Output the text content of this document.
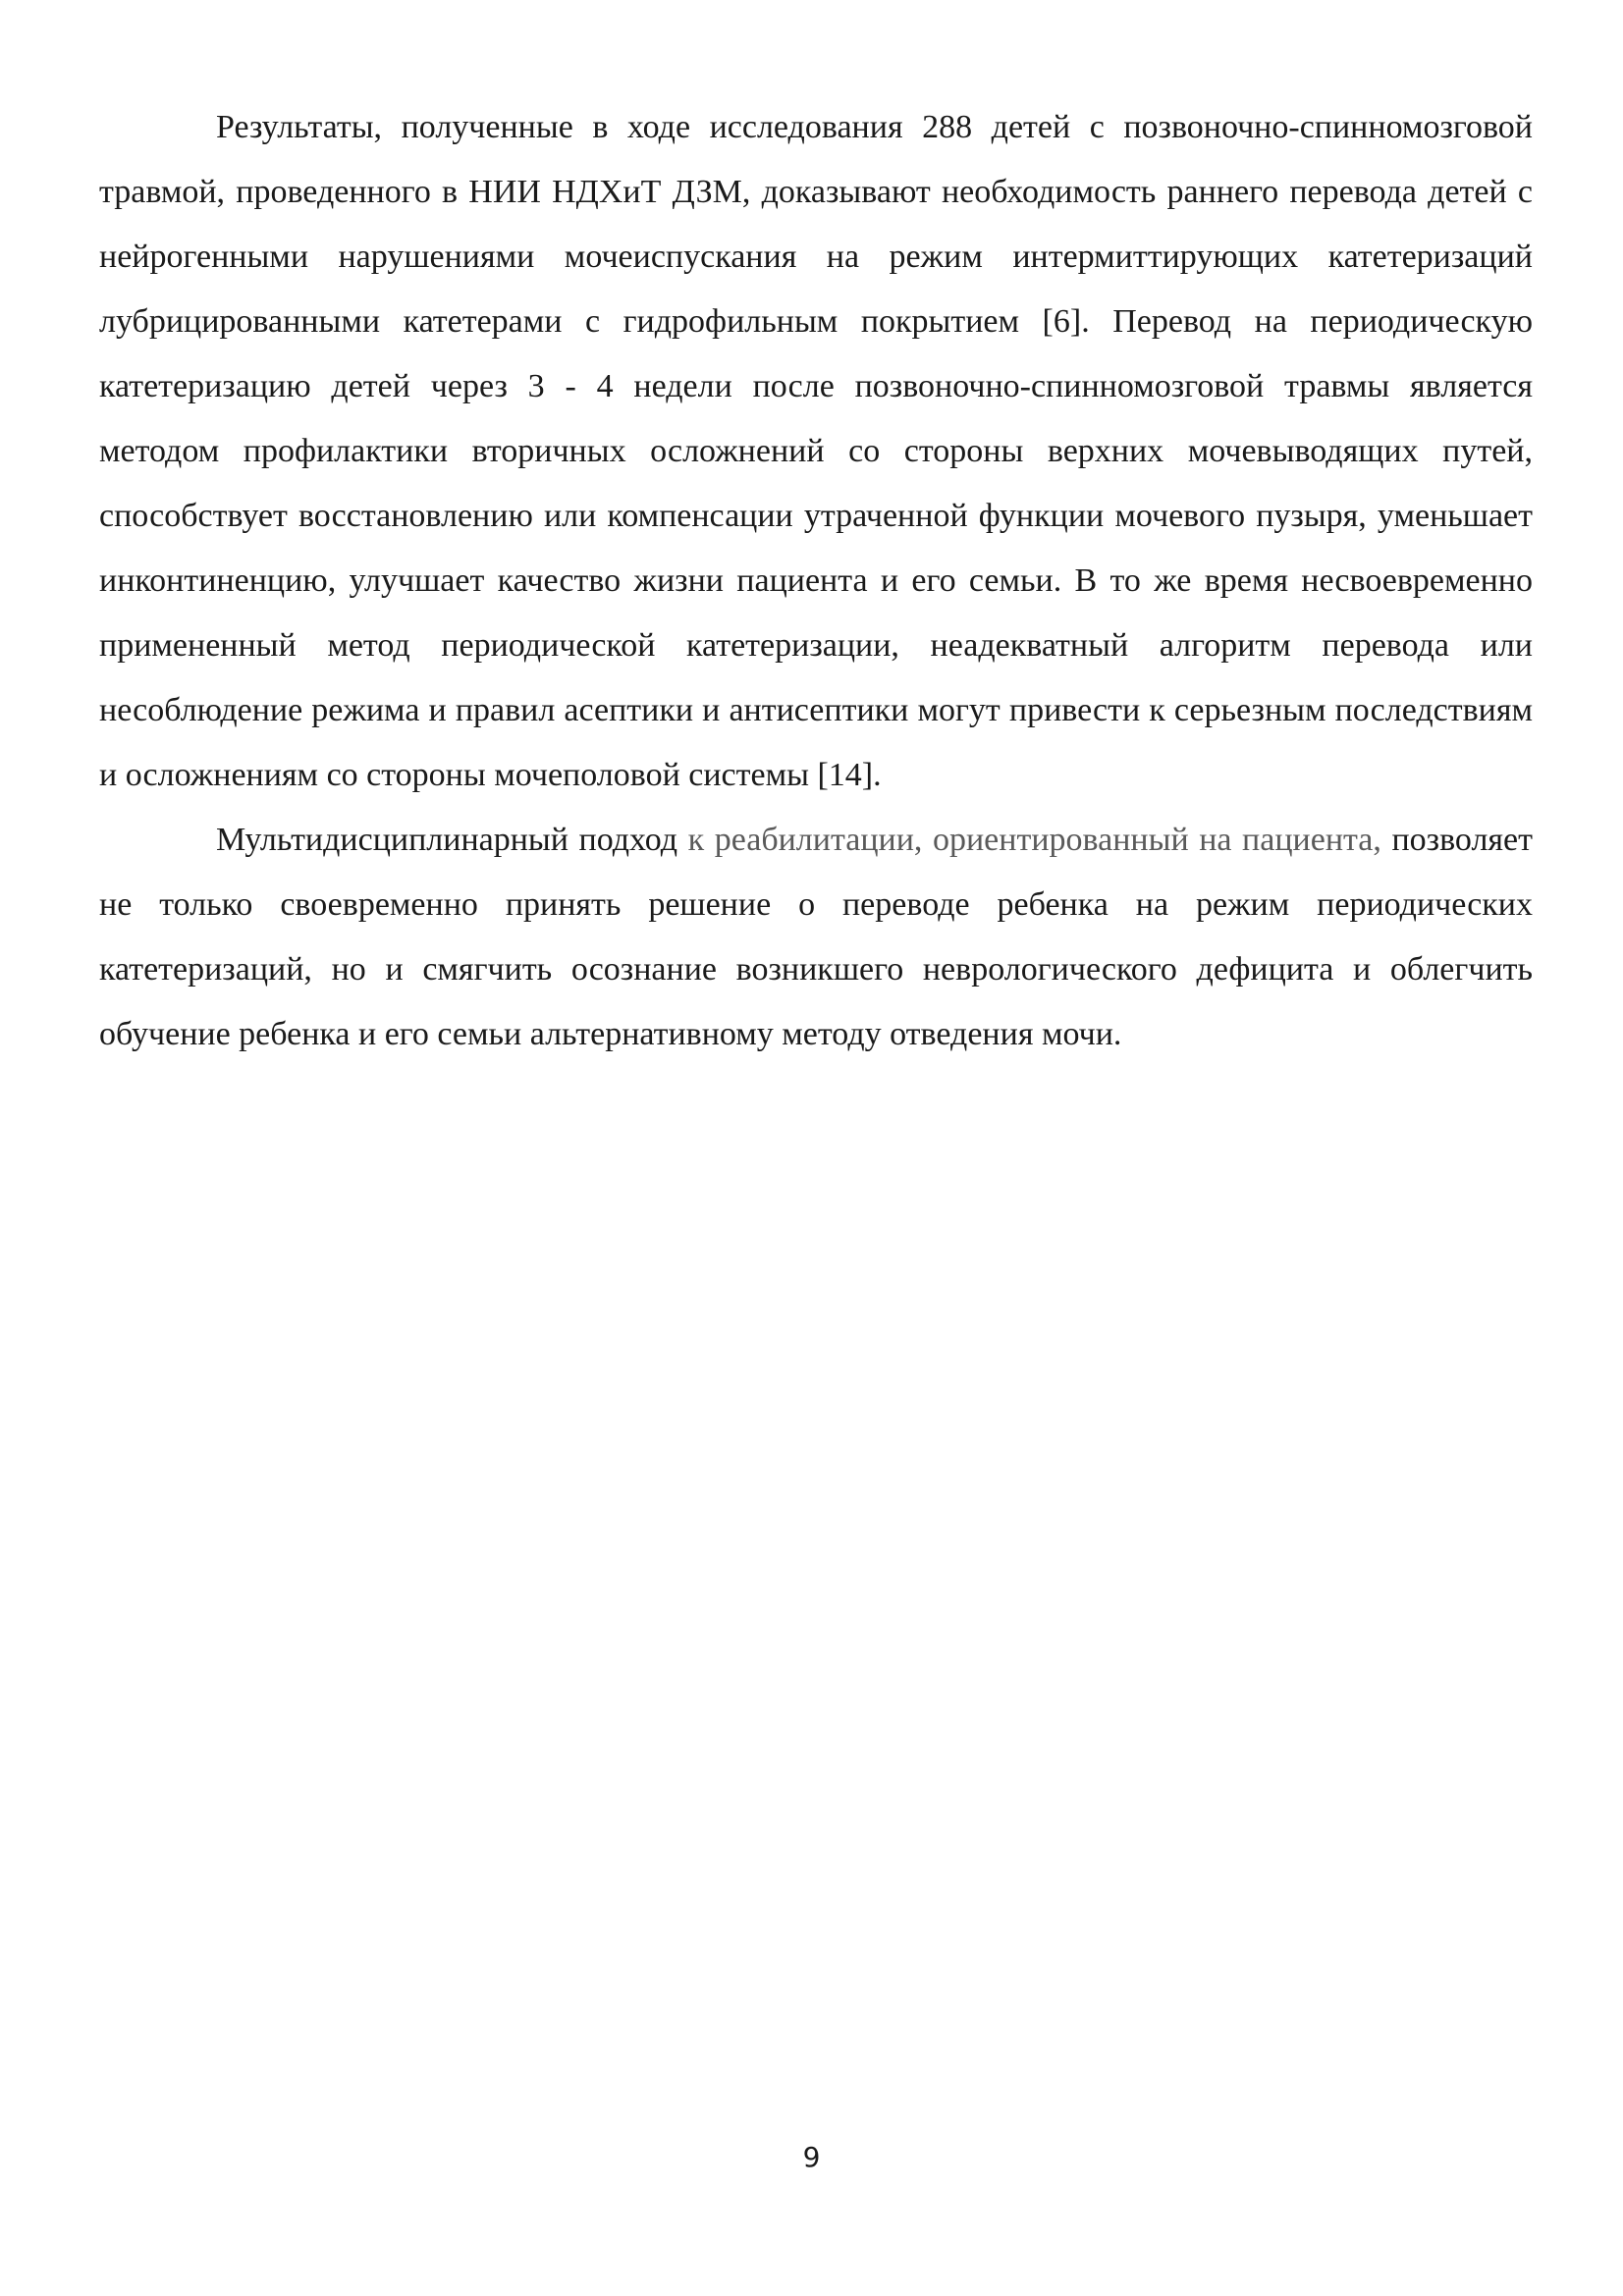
Результаты, полученные в ходе исследования 288 детей с позвоночно-спинномозговой травмой, проведенного в НИИ НДХиТ ДЗМ, доказывают необходимость раннего перевода детей с нейрогенными нарушениями мочеиспускания на режим интермиттирующих катетеризаций лубрицированными катетерами с гидрофильным покрытием [6]. Перевод на периодическую катетеризацию детей через 3 - 4 недели после позвоночно-спинномозговой травмы является методом профилактики вторичных осложнений со стороны верхних мочевыводящих путей, способствует восстановлению или компенсации утраченной функции мочевого пузыря, уменьшает инконтиненцию, улучшает качество жизни пациента и его семьи. В то же время несвоевременно примененный метод периодической катетеризации, неадекватный алгоритм перевода или несоблюдение режима и правил асептики и антисептики могут привести к серьезным последствиям и осложнениям со стороны мочеполовой системы [14].

Мультидисциплинарный подход к реабилитации, ориентированный на пациента, позволяет не только своевременно принять решение о переводе ребенка на режим периодических катетеризаций, но и смягчить осознание возникшего неврологического дефицита и облегчить обучение ребенка и его семьи альтернативному методу отведения мочи.

9
